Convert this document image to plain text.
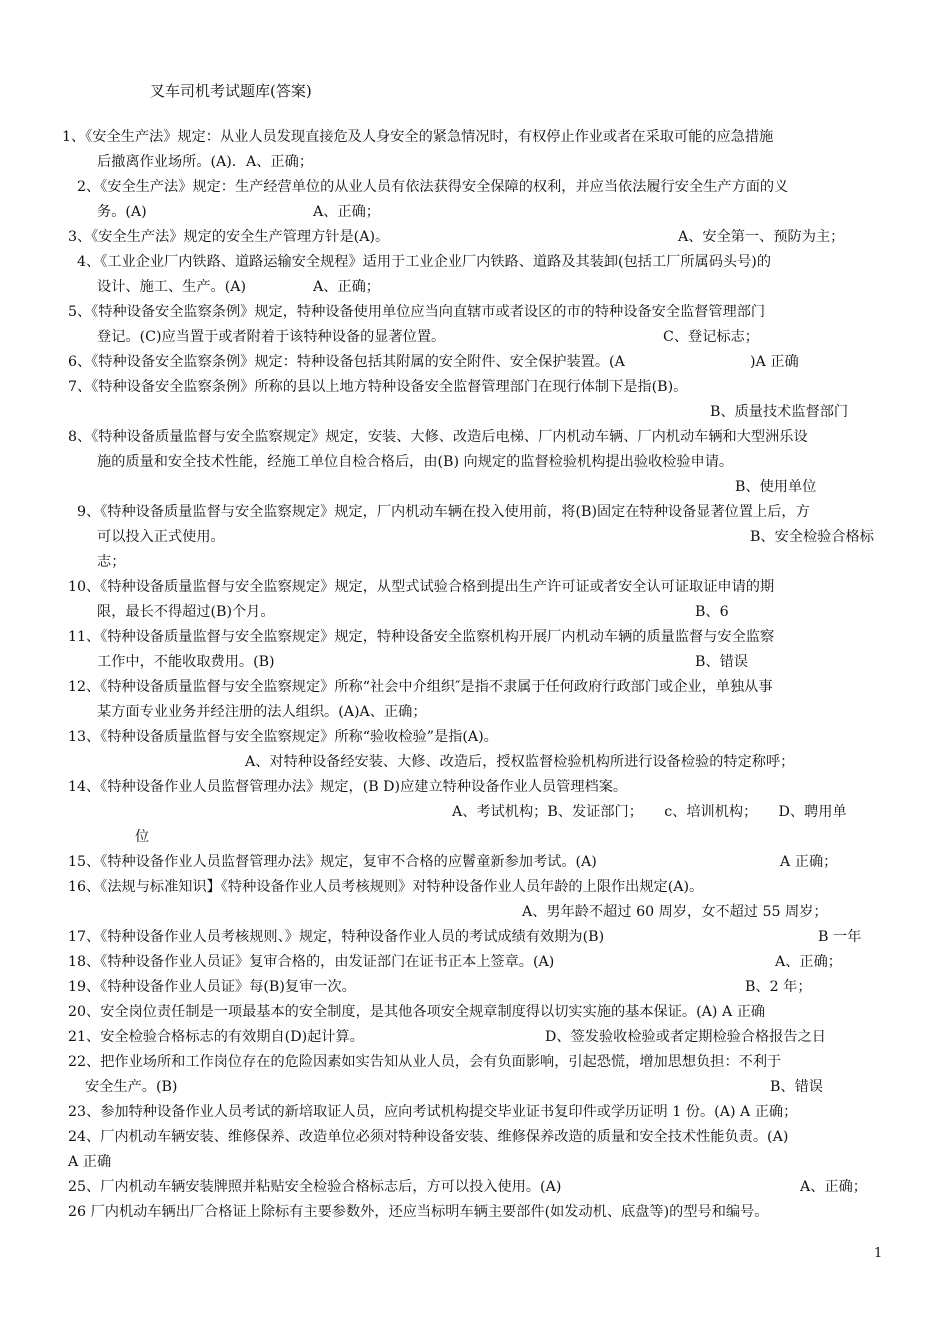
叉车司机考试题库(答案)
1、《安全生产法》规定：从业人员发现直接危及人身安全的紧急情况时，有权停止作业或者在采取可能的应急措施
后撤离作业场所。(A)．A、正确；
2、《安全生产法》规定：生产经营单位的从业人员有依法获得安全保障的权利，并应当依法履行安全生产方面的义
务。(A)	A、正确；
3、《安全生产法》规定的安全生产管理方针是(A)。	A、安全第一、预防为主；
4、《工业企业厂内铁路、道路运输安全规程》适用于工业企业厂内铁路、道路及其装卸(包括工厂所属码头号)的
设计、施工、生产。(A)	A、正确；
5、《特种设备安全监察条例》规定，特种设备使用单位应当向直辖市或者设区的市的特种设备安全监督管理部门
登记。(C)应当置于或者附着于该特种设备的显著位置。	C、登记标志；
6、《特种设备安全监察条例》规定：特种设备包括其附属的安全附件、安全保护装置。(A	)A 正确
7、《特种设备安全监察条例》所称的县以上地方特种设备安全监督管理部门在现行体制下是指(B)。
B、质量技术监督部门
8、《特种设备质量监督与安全监察规定》规定，安装、大修、改造后电梯、厂内机动车辆、厂内机动车辆和大型洲乐设
施的质量和安全技术性能，经施工单位自检合格后，由(B) 向规定的监督检验机构提出验收检验申请。
B、使用单位
9、《特种设备质量监督与安全监察规定》规定，厂内机动车辆在投入使用前，将(B)固定在特种设备显著位置上后，方
可以投入正式使用。	B、安全检验合格标
志；
10、《特种设备质量监督与安全监察规定》规定，从型式试验合格到提出生产许可证或者安全认可证取证申请的期
限，最长不得超过(B)个月。	B、6
11、《特种设备质量监督与安全监察规定》规定，特种设备安全监察机构开展厂内机动车辆的质量监督与安全监察
工作中，不能收取费用。(B)	B、错误
12、《特种设备质量监督与安全监察规定》所称“社会中介组织″是指不隶属于任何政府行政部门或企业，单独从事
某方面专业业务并经注册的法人组织。(A)A、正确；
13、《特种设备质量监督与安全监察规定》所称“验收检验”是指(A)。
A、对特种设备经安装、大修、改造后，授权监督检验机构所进行设备检验的特定称呼；
14、《特种设备作业人员监督管理办法》规定，(B D)应建立特种设备作业人员管理档案。
A、考试机构；B、发证部门；　　c、培训机构；　　D、聘用单
位
15、《特种设备作业人员监督管理办法》规定，复审不合格的应鬙童新参加考试。(A)	A 正确；
16、《法规与标准知识】《特种设备作业人员考核规则》对特种设备作业人员年龄的上限作出规定(A)。
A、男年龄不超过 60 周岁，女不超过 55 周岁；
17、《特种设备作业人员考核规则、》规定，特种设备作业人员的考试成绩有效期为(B)	B 一年
18、《特种设备作业人员证》复审合格的，由发证部门在证书正本上签章。(A)	A、正确；
19、《特种设备作业人员证》每(B)复审一次。	B、2 年；
20、安全岗位责任制是一项最基本的安全制度，是其他各项安全规章制度得以切实实施的基本保证。(A) A 正确
21、安全检验合格标志的有效期自(D)起计算。	D、签发验收检验或者定期检验合格报告之日
22、把作业场所和工作岗位存在的危险因素如实告知从业人员，会有负面影响，引起恐慌，增加思想负担：不利于
安全生产。(B)	B、错误
23、参加特种设备作业人员考试的新培取证人员，应向考试机构提交毕业证书复印件或学历证明 1 份。(A) A 正确；
24、厂内机动车辆安装、维修保养、改造单位必须对特种设备安装、维修保养改造的质量和安全技术性能负责。(A)
A 正确
25、厂内机动车辆安装牌照并粘贴安全检验合格标志后，方可以投入使用。(A)	A、正确；
26 厂内机动车辆出厂合格证上除标有主要参数外，还应当标明车辆主要部件(如发动机、底盘等)的型号和编号。
1
